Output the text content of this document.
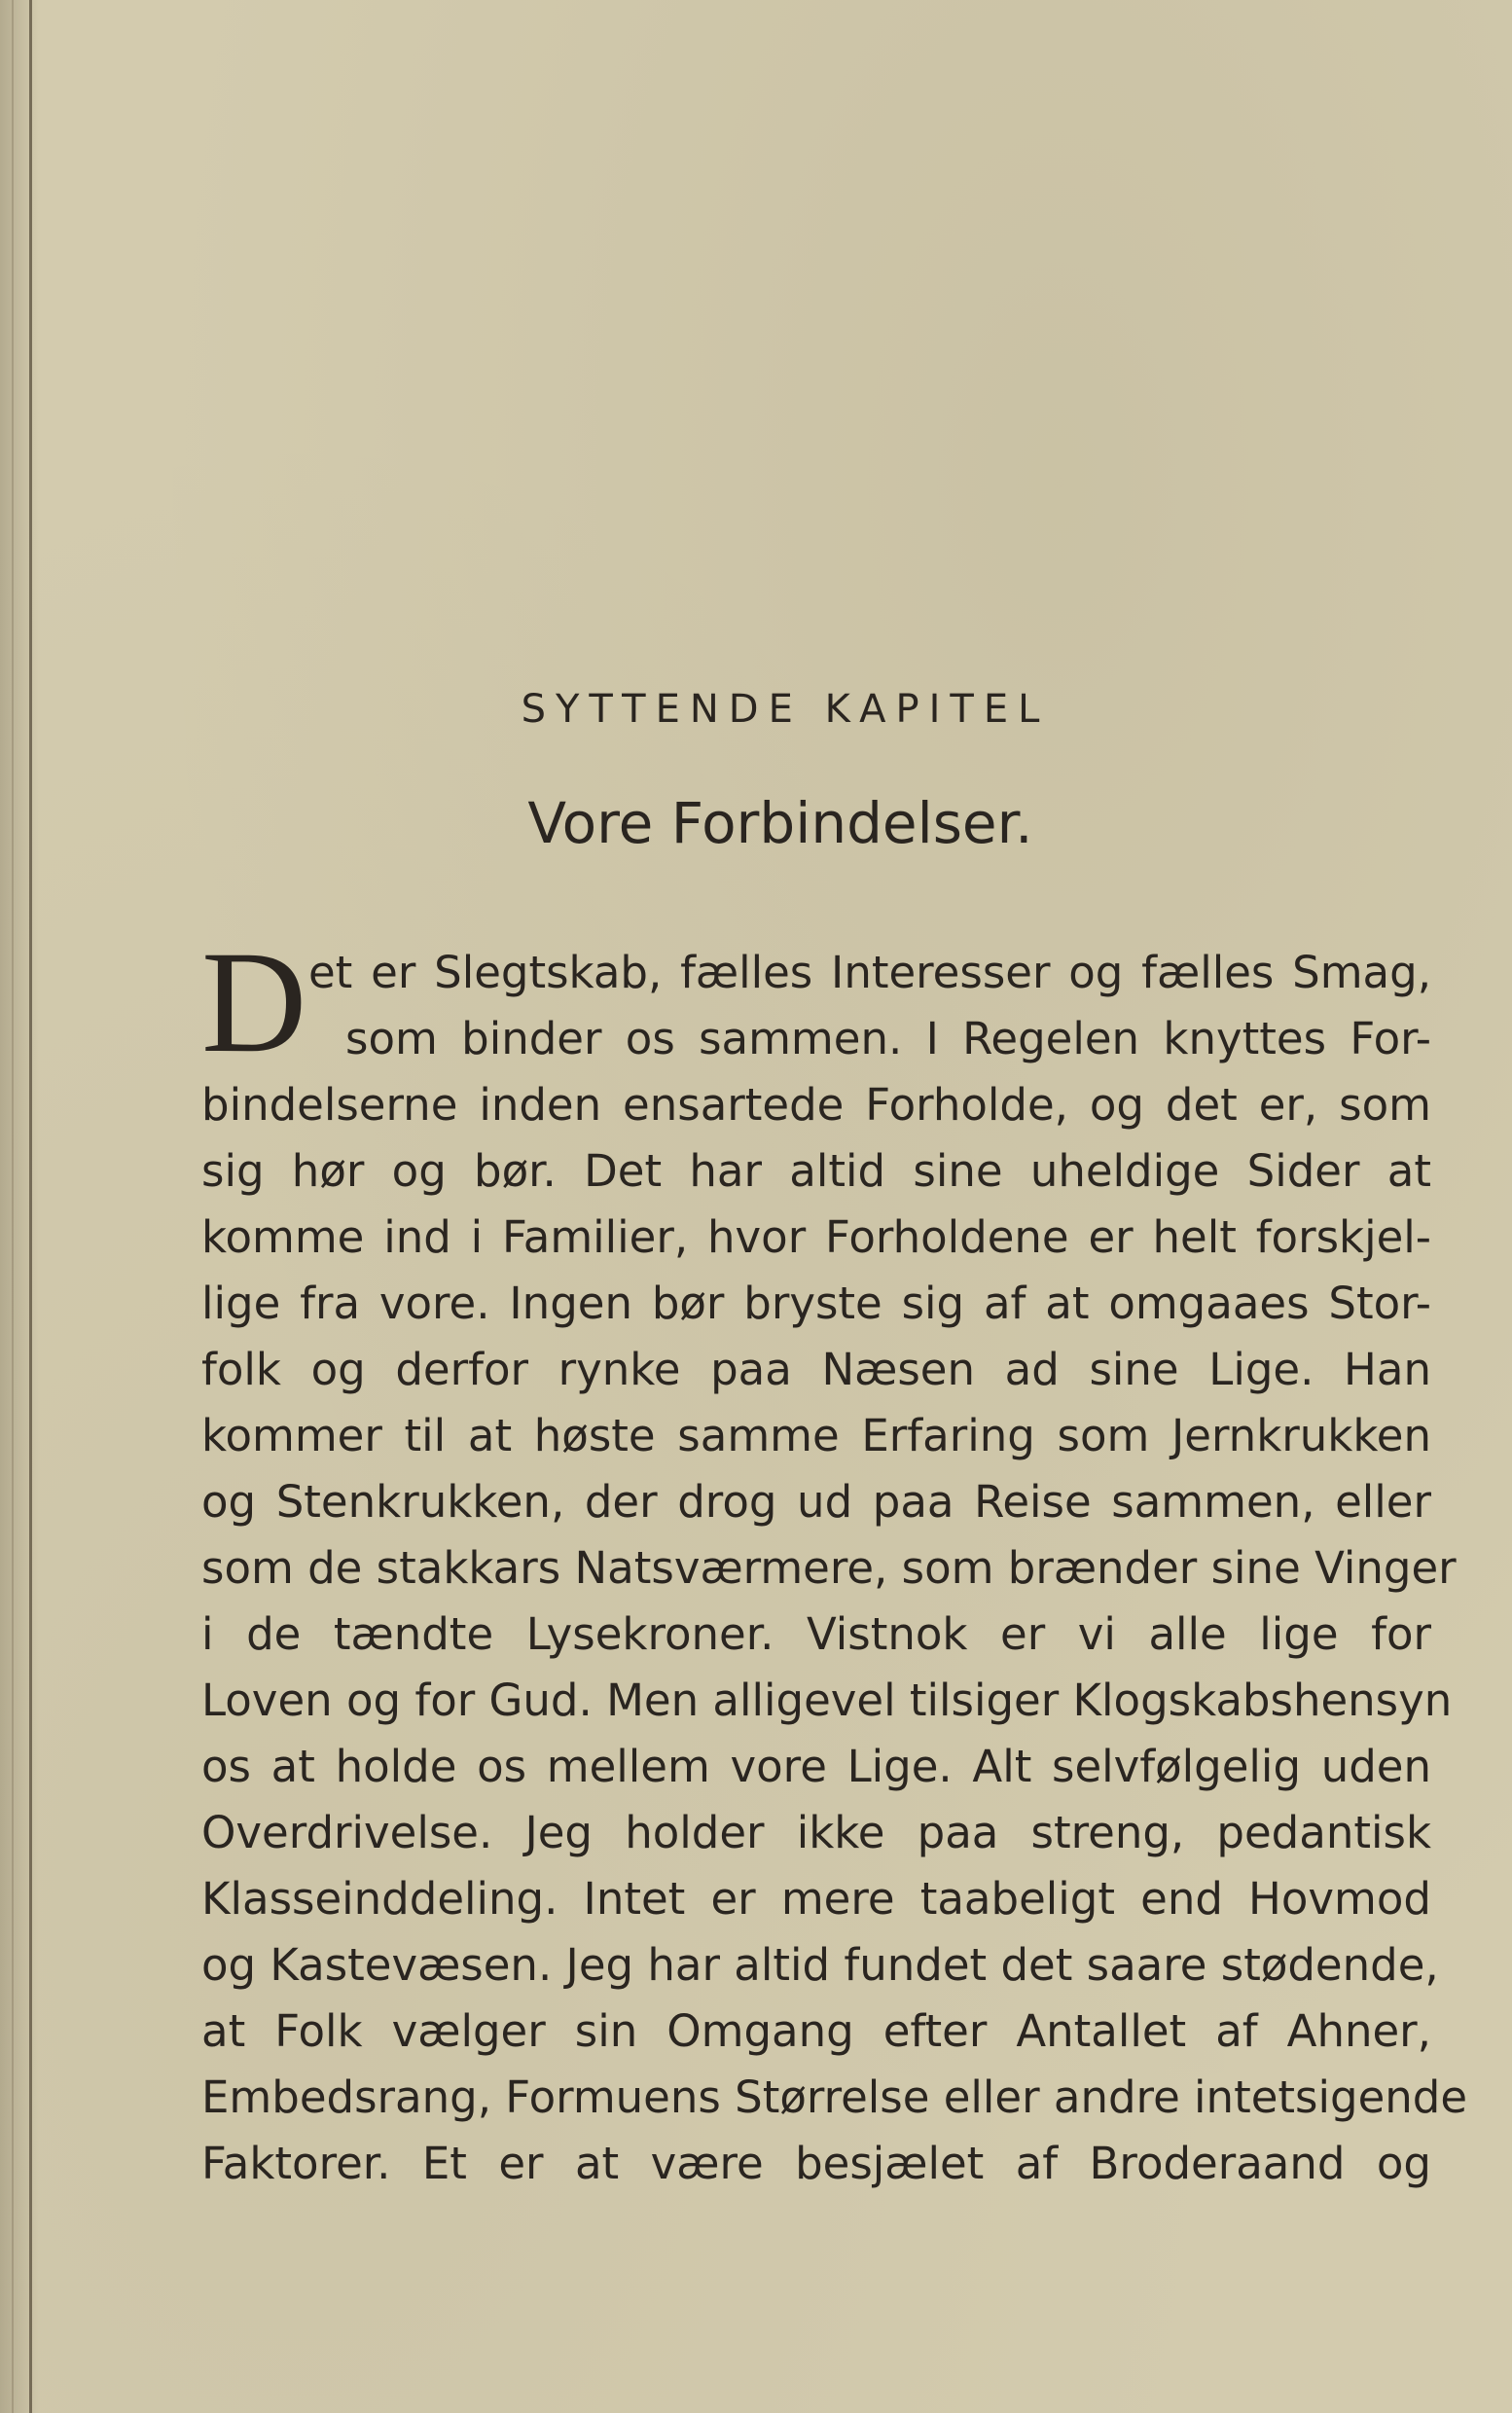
SYTTENDE KAPITEL
Vore Forbindelser.
D et er Slegtskab, fælles Interesser og fælles Smag,
som binder os sammen. I Regelen knyttes For-
bindelserne inden ensartede Forholde, og det er, som
sig hør og bør. Det har altid sine uheldige Sider at
komme ind i Familier, hvor Forholdene er helt forskjel-
lige fra vore. Ingen bør bryste sig af at omgaaes Stor-
folk og derfor rynke paa Næsen ad sine Lige. Han
kommer til at høste samme Erfaring som Jernkrukken
og Stenkrukken, der drog ud paa Reise sammen, eller
som de stakkars Natsværmere, som brænder sine Vinger
i de tændte Lysekroner. Vistnok er vi alle lige for
Loven og for Gud. Men alligevel tilsiger Klogskabshensyn
os at holde os mellem vore Lige. Alt selvfølgelig uden
Overdrivelse. Jeg holder ikke paa streng, pedantisk
Klasseinddeling. Intet er mere taabeligt end Hovmod
og Kastevæsen. Jeg har altid fundet det saare stødende,
at Folk vælger sin Omgang efter Antallet af Ahner,
Embedsrang, Formuens Størrelse eller andre intetsigende
Faktorer. Et er at være besjælet af Broderaand og
